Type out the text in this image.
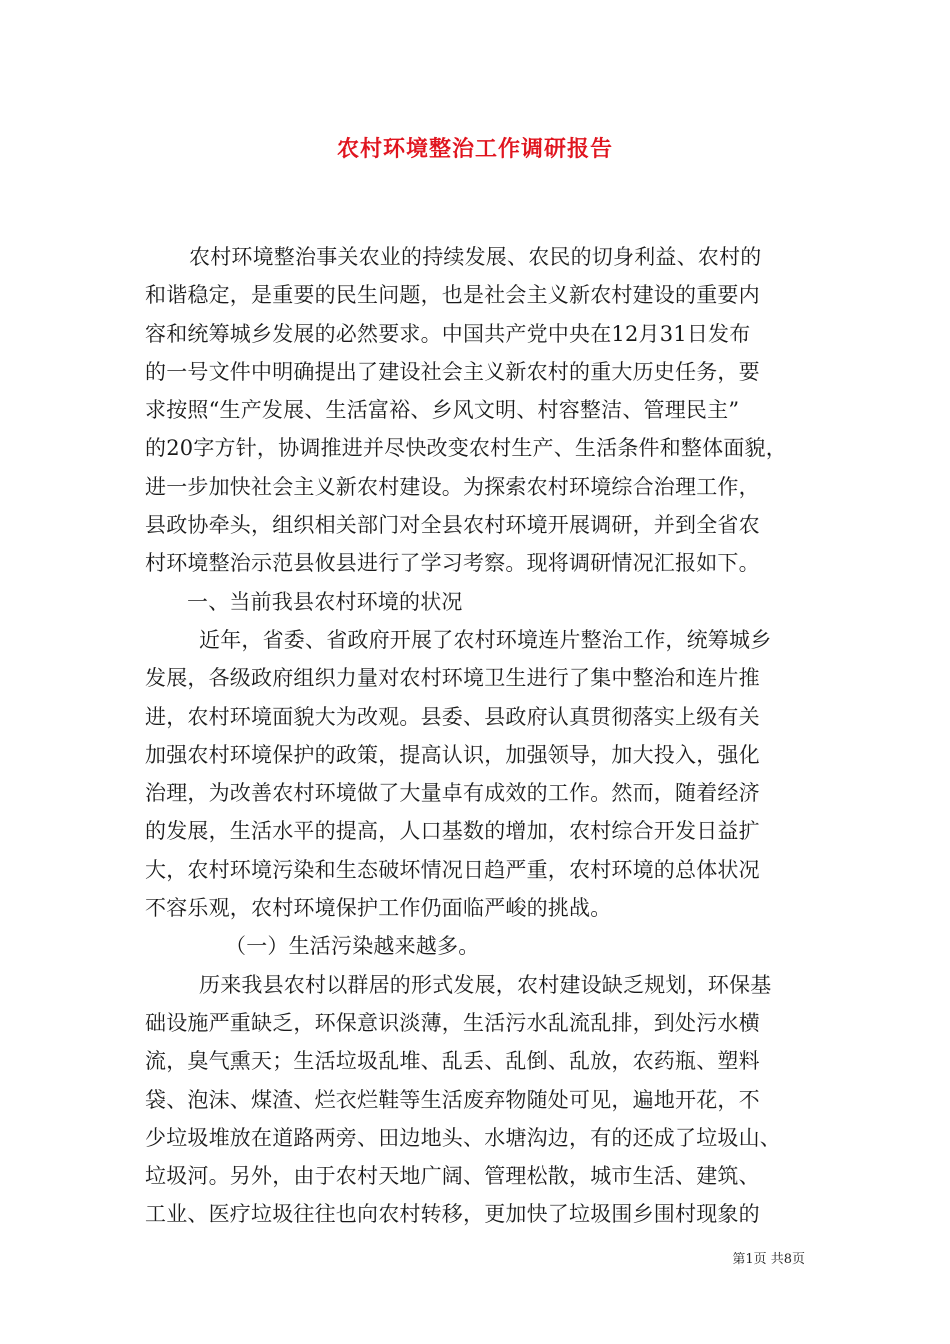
农村环境整治工作调研报告
农村环境整治事关农业的持续发展、农民的切身利益、农村的
和谐稳定，是重要的民生问题，也是社会主义新农村建设的重要内
容和统筹城乡发展的必然要求。中国共产党中央在12月31日发布
的一号文件中明确提出了建设社会主义新农村的重大历史任务，要
求按照“生产发展、生活富裕、乡风文明、村容整洁、管理民主”
的20字方针，协调推进并尽快改变农村生产、生活条件和整体面貌，
进一步加快社会主义新农村建设。为探索农村环境综合治理工作，
县政协牵头，组织相关部门对全县农村环境开展调研，并到全省农
村环境整治示范县攸县进行了学习考察。现将调研情况汇报如下。
一、当前我县农村环境的状况
近年，省委、省政府开展了农村环境连片整治工作，统筹城乡
发展，各级政府组织力量对农村环境卫生进行了集中整治和连片推
进，农村环境面貌大为改观。县委、县政府认真贯彻落实上级有关
加强农村环境保护的政策，提高认识，加强领导，加大投入，强化
治理，为改善农村环境做了大量卓有成效的工作。然而，随着经济
的发展，生活水平的提高，人口基数的增加，农村综合开发日益扩
大，农村环境污染和生态破坏情况日趋严重，农村环境的总体状况
不容乐观，农村环境保护工作仍面临严峻的挑战。
（一）生活污染越来越多。
历来我县农村以群居的形式发展，农村建设缺乏规划，环保基
础设施严重缺乏，环保意识淡薄，生活污水乱流乱排，到处污水横
流，臭气熏天；生活垃圾乱堆、乱丢、乱倒、乱放，农药瓶、塑料
袋、泡沫、煤渣、烂衣烂鞋等生活废弃物随处可见，遍地开花，不
少垃圾堆放在道路两旁、田边地头、水塘沟边，有的还成了垃圾山、
垃圾河。另外，由于农村天地广阔、管理松散，城市生活、建筑、
工业、医疗垃圾往往也向农村转移，更加快了垃圾围乡围村现象的
第1页 共8页
